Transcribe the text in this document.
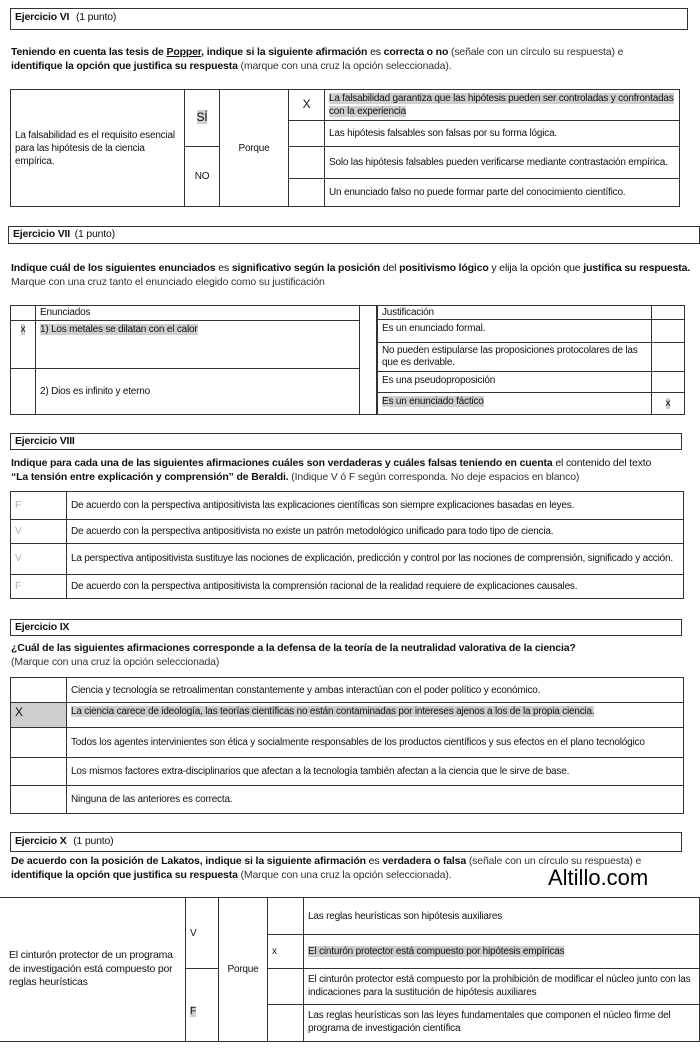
Ejercicio VI (1 punto)
Teniendo en cuenta las tesis de Popper, indique si la siguiente afirmación es correcta o no (señale con un círculo su respuesta) e
identifique la opción que justifica su respuesta (marque con una cruz la opción seleccionada).
La falsabilidad es el requisito esencial para las hipótesis de la ciencia empírica.	SÍ	Porque	X	La falsabilidad garantiza que las hipótesis pueden ser controladas y confrontadas con la experiencia
				Las hipótesis falsables son falsas por su forma lógica.
	NO			Solo las hipótesis falsables pueden verificarse mediante contrastación empírica.
				Un enunciado falso no puede formar parte del conocimiento científico.
Ejercicio VII (1 punto)
Indique cuál de los siguientes enunciados es significativo según la posición del positivismo lógico y elija la opción que justifica su respuesta. Marque con una cruz tanto el enunciado elegido como su justificación
	Enunciados
x	1) Los metales se dilatan con el calor
	2) Dios es infinito y eterno
Justificación	
Es un enunciado formal.	
No pueden estipularse las proposiciones protocolares de las que es derivable.	
Es una pseudoproposición	
Es un enunciado fáctico	x
Ejercicio VIII
Indique para cada una de las siguientes afirmaciones cuáles son verdaderas y cuáles falsas teniendo en cuenta el contenido del texto
“La tensión entre explicación y comprensión” de Beraldi. (Indique V ó F según corresponda. No deje espacios en blanco)
F	De acuerdo con la perspectiva antipositivista las explicaciones científicas son siempre explicaciones basadas en leyes.
V	De acuerdo con la perspectiva antipositivista no existe un patrón metodológico unificado para todo tipo de ciencia.
V	La perspectiva antipositivista sustituye las nociones de explicación, predicción y control por las nociones de comprensión, significado y acción.
F	De acuerdo con la perspectiva antipositivista la comprensión racional de la realidad requiere de explicaciones causales.
Ejercicio IX
¿Cuál de las siguientes afirmaciones corresponde a la defensa de la teoría de la neutralidad valorativa de la ciencia?
(Marque con una cruz la opción seleccionada)
	Ciencia y tecnología se retroalimentan constantemente y ambas interactúan con el poder político y económico.
X	La ciencia carece de ideología, las teorías científicas no están contaminadas por intereses ajenos a los de la propia ciencia.
	Todos los agentes intervinientes son ética y socialmente responsables de los productos científicos y sus efectos en el plano tecnológico
	Los mismos factores extra-disciplinarios que afectan a la tecnología también afectan a la ciencia que le sirve de base.
	Ninguna de las anteriores es correcta.
Ejercicio X (1 punto)
De acuerdo con la posición de Lakatos, indique si la siguiente afirmación es verdadera o falsa (señale con un círculo su respuesta) e
identifique la opción que justifica su respuesta (Marque con una cruz la opción seleccionada).	Altillo.com
El cinturón protector de un programa de investigación está compuesto por reglas heurísticas	V	Porque		Las reglas heurísticas son hipótesis auxiliares
			x	El cinturón protector está compuesto por hipótesis empíricas
	F			El cinturón protector está compuesto por la prohibición de modificar el núcleo junto con las indicaciones para la sustitución de hipótesis auxiliares
				Las reglas heurísticas son las leyes fundamentales que componen el núcleo firme del programa de investigación científica
